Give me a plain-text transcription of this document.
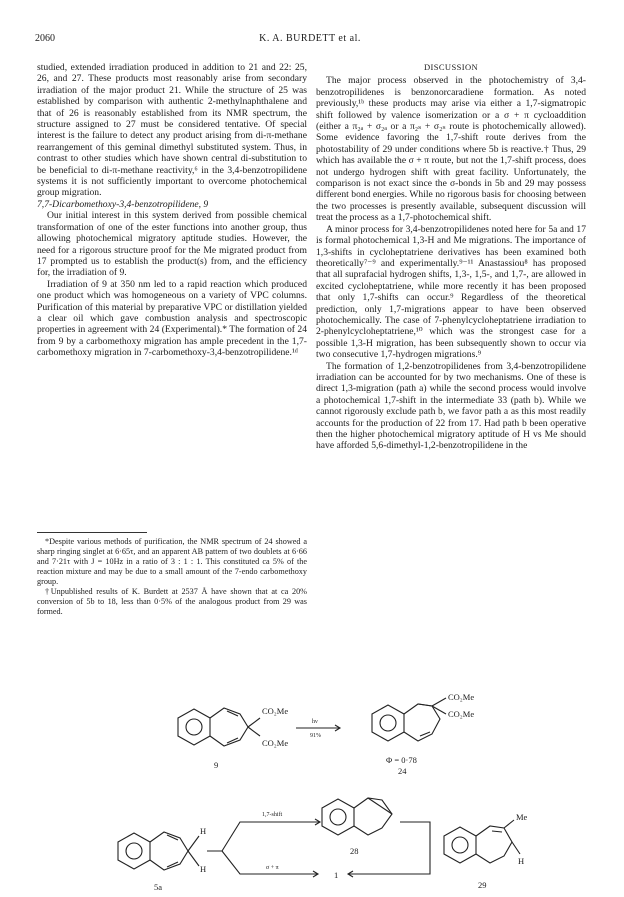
2060	K. A. BURDETT et al.

studied, extended irradiation produced in addition to 21 and 22: 25, 26, and 27. These products most reasonably arise from secondary irradiation of the major product 21. While the structure of 25 was established by comparison with authentic 2-methylnaphthalene and that of 26 is reasonably established from its NMR spectrum, the structure assigned to 27 must be considered tentative. Of special interest is the failure to detect any product arising from di-π-methane rearrangement of this geminal dimethyl substituted system. Thus, in contrast to other studies which have shown central di-substitution to be beneficial to di-π-methane reactivity,⁶ in the 3,4-benzotropilidene systems it is not sufficiently important to overcome photochemical group migration.

7,7-Dicarbomethoxy-3,4-benzotropilidene, 9

Our initial interest in this system derived from possible chemical transformation of one of the ester functions into another group, thus allowing photochemical migratory aptitude studies. However, the need for a rigorous structure proof for the Me migrated product from 17 prompted us to establish the product(s) from, and the efficiency for, the irradiation of 9.

Irradiation of 9 at 350 nm led to a rapid reaction which produced one product which was homogeneous on a variety of VPC columns. Purification of this material by preparative VPC or distillation yielded a clear oil which gave combustion analysis and spectroscopic properties in agreement with 24 (Experimental).* The formation of 24 from 9 by a carbomethoxy migration has ample precedent in the 1,7-carbomethoxy migration in 7-carbomethoxy-3,4-benzotropilidene.¹ᵈ

*Despite various methods of purification, the NMR spectrum of 24 showed a sharp ringing singlet at 6·65τ, and an apparent AB pattern of two doublets at 6·66 and 7·21τ with J = 10Hz in a ratio of 3 : 1 : 1. This constituted ca 5% of the reaction mixture and may be due to a small amount of the 7-endo carbomethoxy group.

†Unpublished results of K. Burdett at 2537 Å have shown that at ca 20% conversion of 5b to 18, less than 0·5% of the analogous product from 29 was formed.

DISCUSSION

The major process observed in the photochemistry of 3,4-benzotropilidenes is benzonorcaradiene formation. As noted previously,¹ᵇ these products may arise via either a 1,7-sigmatropic shift followed by valence isomerization or a σ + π cycloaddition (either a π₂ₐ + σ₂ₐ or a π₂ₛ + σ₂ₛ route is photochemically allowed). Some evidence favoring the 1,7-shift route derives from the photostability of 29 under conditions where 5b is reactive.† Thus, 29 which has available the σ + π route, but not the 1,7-shift process, does not undergo hydrogen shift with great facility. Unfortunately, the comparison is not exact since the σ-bonds in 5b and 29 may possess different bond energies. While no rigorous basis for choosing between the two processes is presently available, subsequent discussion will treat the process as a 1,7-photochemical shift.

A minor process for 3,4-benzotropilidenes noted here for 5a and 17 is formal photochemical 1,3-H and Me migrations. The importance of 1,3-shifts in cycloheptatriene derivatives has been examined both theoretically⁷⁻⁹ and experimentally.⁹⁻¹¹ Anastassiou⁸ has proposed that all suprafacial hydrogen shifts, 1,3-, 1,5-, and 1,7-, are allowed in excited cycloheptatriene, while more recently it has been proposed that only 1,7-shifts can occur.⁹ Regardless of the theoretical prediction, only 1,7-migrations appear to have been observed photochemically. The case of 7-phenylcycloheptatriene irradiation to 2-phenylcycloheptatriene,¹⁰ which was the strongest case for a possible 1,3-H migration, has been subsequently shown to occur via two consecutive 1,7-hydrogen migrations.⁹

The formation of 1,2-benzotropilidenes from 3,4-benzotropilidene irradiation can be accounted for by two mechanisms. One of these is direct 1,3-migration (path a) while the second process would involve a photochemical 1,7-shift in the intermediate 33 (path b). While we cannot rigorously exclude path b, we favor path a as this most readily accounts for the production of 22 from 17. Had path b been operative then the higher photochemical migratory aptitude of H vs Me should have afforded 5,6-dimethyl-1,2-benzotropilidene in the

CO₂Me
CO₂Me
9
hν
91%
CO₂Me
CO₂Me
Φ = 0·78
24
H
H
5a
1,7-shift
σ + π
28
1
Me
H
29
